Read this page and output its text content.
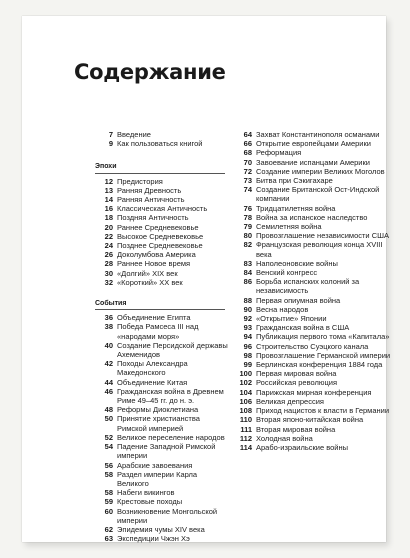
Содержание
7 Введение
9 Как пользоваться книгой
Эпохи
12 Предистория
13 Ранняя Древность
14 Ранняя Античность
16 Классическая Античность
18 Поздняя Античность
20 Раннее Средневековье
22 Высокое Средневековье
24 Позднее Средневековье
26 Доколумбова Америка
28 Раннее Новое время
30 «Долгий» XIX век
32 «Короткий» XX век
События
36 Объединение Египта
38 Победа Рамсеса III над «народами моря»
40 Создание Персидской державы Ахеменидов
42 Походы Александра Македонского
44 Объединение Китая
46 Гражданская война в Древнем Риме 49–45 гг. до н. э.
48 Реформы Диоклетиана
50 Принятие христианства Римской империей
52 Великое переселение народов
54 Падение Западной Римской империи
56 Арабские завоевания
58 Раздел империи Карла Великого
58 Набеги викингов
59 Крестовые походы
60 Возникновение Монгольской империи
62 Эпидемия чумы XIV века
63 Экспедиции Чжэн Хэ
64 Захват Константинополя османами
66 Открытие европейцами Америки
68 Реформация
70 Завоевание испанцами Америки
72 Создание империи Великих Моголов
73 Битва при Сэкигахаре
74 Создание Британской Ост-Индской компании
76 Тридцатилетняя война
78 Война за испанское наследство
79 Семилетняя война
80 Провозглашение независимости США
82 Французская революция конца XVIII века
83 Наполеоновские войны
84 Венский конгресс
86 Борьба испанских колоний за независимость
88 Первая опиумная война
90 Весна народов
92 «Открытие» Японии
93 Гражданская война в США
94 Публикация первого тома «Капитала»
96 Строительство Суэцкого канала
98 Провозглашение Германской империи
99 Берлинская конференция 1884 года
100 Первая мировая война
102 Российская революция
104 Парижская мирная конференция
106 Великая депрессия
108 Приход нацистов к власти в Германии
110 Вторая японо-китайская война
111 Вторая мировая война
112 Холодная война
114 Арабо-израильские войны
